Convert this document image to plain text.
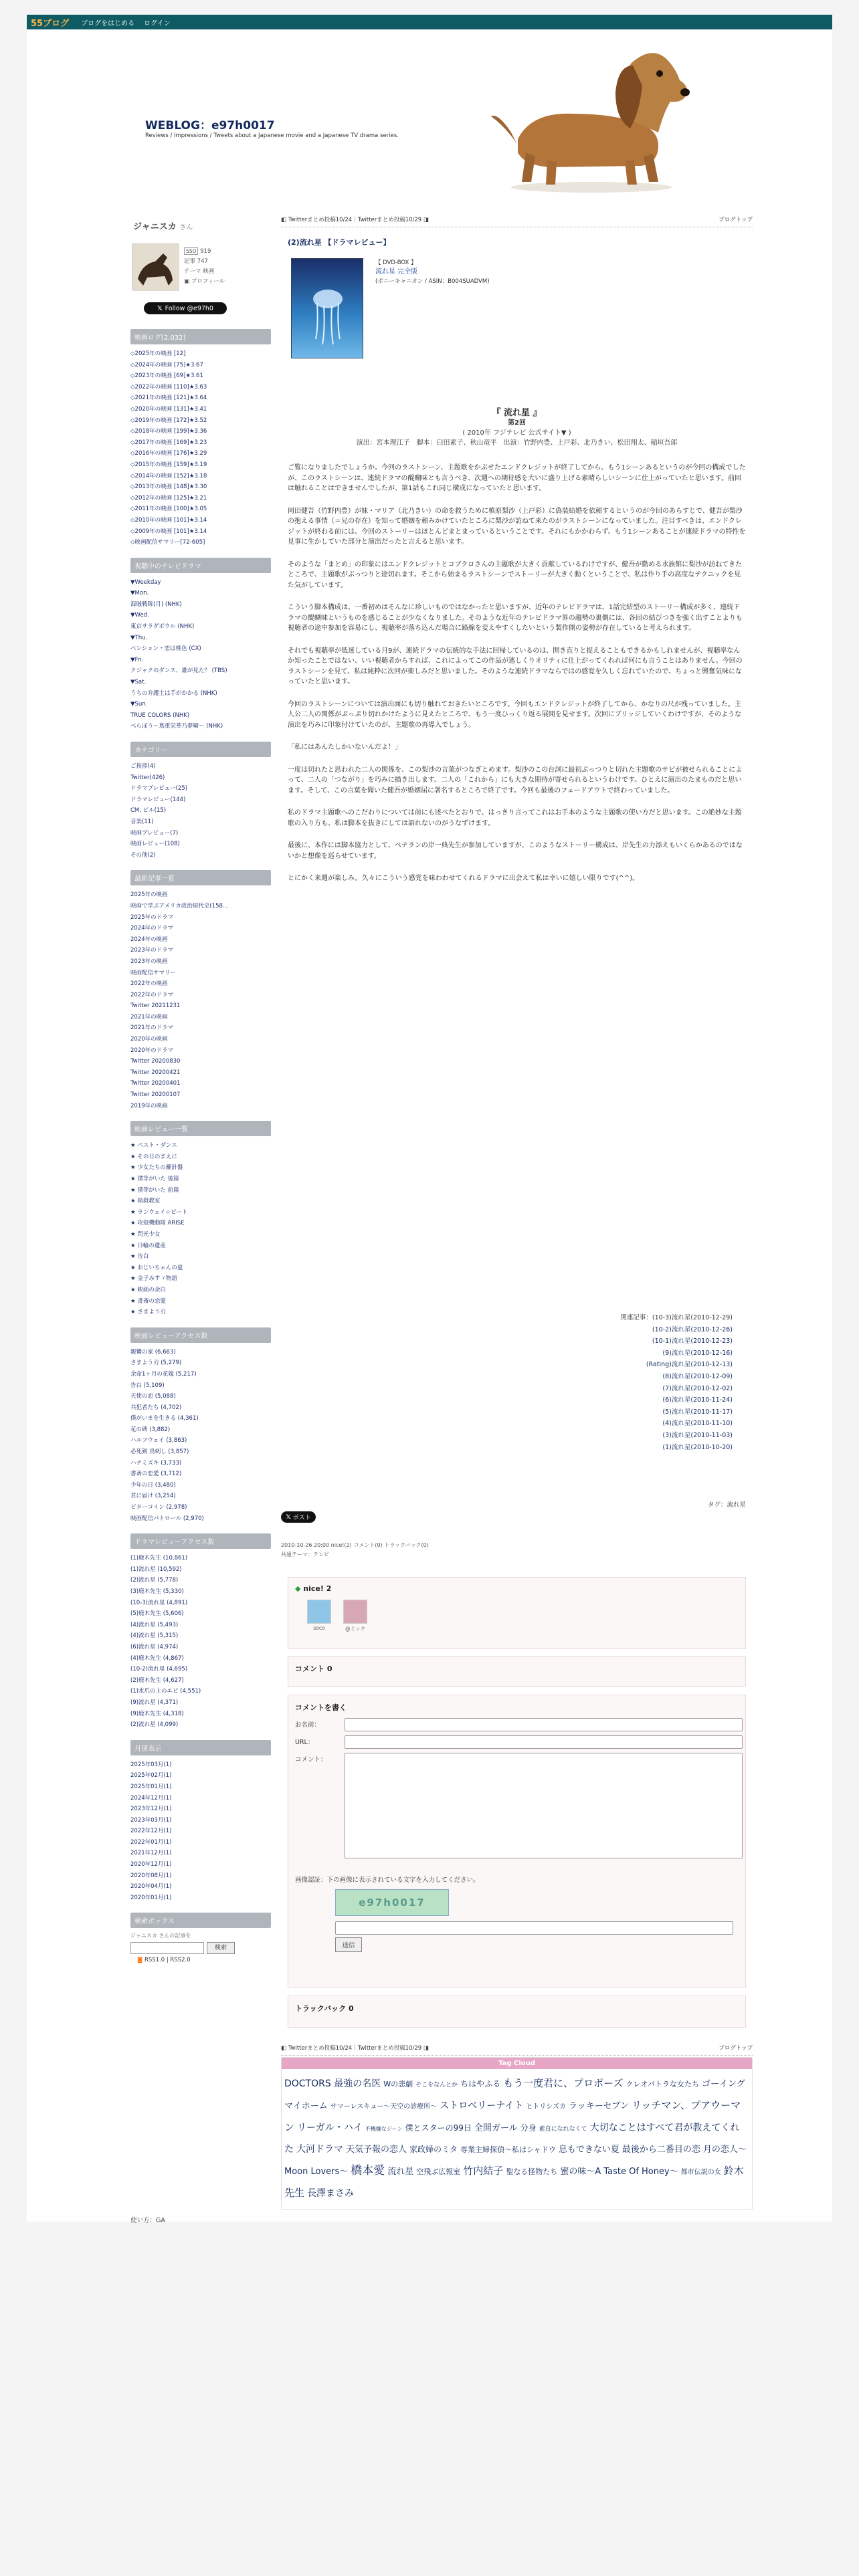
55ブログ ブログをはじめる ログイン
WEBLOG：e97h0017
Reviews / Impressions / Tweets about a Japanese movie and a Japanese TV drama series.
ジャニスカ さん
SSO 919
記事 747
テーマ 映画
▣ プロフィール
𝕏 Follow @e97h0
映画ログ[2,032]
◇2025年の映画 [12]
◇2024年の映画 [75]★3.67
◇2023年の映画 [69]★3.61
◇2022年の映画 [110]★3.63
◇2021年の映画 [121]★3.64
◇2020年の映画 [131]★3.41
◇2019年の映画 [172]★3.52
◇2018年の映画 [199]★3.36
◇2017年の映画 [169]★3.23
◇2016年の映画 [176]★3.29
◇2015年の映画 [159]★3.19
◇2014年の映画 [152]★3.18
◇2013年の映画 [148]★3.30
◇2012年の映画 [125]★3.21
◇2011年の映画 [100]★3.05
◇2010年の映画 [101]★3.14
◇2009年の映画 [101]★3.14
◇映画配信サマリー[72-605]
視聴中のテレビドラマ
▼Weekday
▼Mon.
海賊戦隊(月) (NHK)
▼Wed.
東京サラダボウル (NHK)
▼Thu.
ペンション・恋は桃色 (CX)
▼Fri.
クジャクのダンス、誰が見た？ (TBS)
▼Sat.
うちの弁護士は手がかかる (NHK)
▼Sun.
TRUE COLORS (NHK)
べらぼう〜蔦重栄華乃夢噺〜 (NHK)
カテゴリー
ご挨拶(4)
Twitter(426)
ドラマプレビュー(25)
ドラマレビュー(144)
CM, ビル(15)
音楽(11)
映画プレビュー(7)
映画レビュー(108)
その他(2)
最新記事一覧
2025年の映画
映画で学ぶアメリカ政治現代史(158...
2025年のドラマ
2024年のドラマ
2024年の映画
2023年のドラマ
2023年の映画
映画配信サマリー
2022年の映画
2022年のドラマ
Twitter 20211231
2021年の映画
2021年のドラマ
2020年の映画
2020年のドラマ
Twitter 20200830
Twitter 20200421
Twitter 20200401
Twitter 20200107
2019年の映画
映画レビュー一覧
★ ベスト・ダンス
★ その日のまえに
★ 少女たちの羅針盤
★ 僕等がいた 後篇
★ 僕等がいた 前篇
★ 暗殺教室
★ ランウェイ☆ビート
★ 攻殻機動隊 ARISE
★ 閃光少女
★ 日輪の遺産
★ 告白
★ おじいちゃんの夏
★ 金子みすゞ物語
★ 映画の余白
★ 書斎の恋愛
★ さまよう刃
映画レビューアクセス数
親鸞の家 (6,663)
さまよう刃 (5,279)
余命1ヶ月の花嫁 (5,217)
告白 (5,109)
天使の恋 (5,088)
共犯者たち (4,702)
僕がいまを生きる (4,361)
花の碑 (3,882)
ハルフウェイ (3,863)
必死剣 鳥刺し (3,857)
ハナミズキ (3,733)
書斎の恋愛 (3,712)
少年の日 (3,480)
君に届け (3,254)
ビターコイン (2,978)
映画配信パトロール (2,970)
ドラマレビューアクセス数
(1)鹿木先生 (10,861)
(1)流れ星 (10,592)
(2)流れ星 (5,778)
(3)鹿木先生 (5,330)
(10-3)流れ星 (4,891)
(5)鹿木先生 (5,606)
(4)流れ星 (5,493)
(4)流れ星 (5,315)
(6)流れ星 (4,974)
(4)鹿木先生 (4,867)
(10-2)流れ星 (4,695)
(2)鹿木先生 (4,627)
(1)水爪の上のエピ (4,551)
(9)流れ星 (4,371)
(9)鹿木先生 (4,318)
(2)流れ星 (4,099)
月別表示
2025年03月(1)
2025年02月(1)
2025年01月(1)
2024年12月(1)
2023年12月(1)
2023年03月(1)
2022年12月(1)
2022年01月(1)
2021年12月(1)
2020年12月(1)
2020年08月(1)
2020年04月(1)
2020年01月(1)
検索ボックス
ジャニスカ さんの記事を
検索
◙ RSS1.0 | RSS2.0
◧ Twitterまとめ投稿10/24｜Twitterまとめ投稿10/29 ◨	ブログトップ
(2)流れ星 【ドラマレビュー】
【 DVD-BOX 】
流れ星 完全版
(ポニーキャニオン / ASIN：B004SUADVM)
『 流れ星 』
第2回
( 2010年 フジテレビ 公式サイト▼ )
演出：宮本理江子　脚本：臼田素子、秋山竜平　出演：竹野内豊、上戸彩、北乃きい、松田翔太、稲垣吾郎
ご覧になりましたでしょうか。今回のラストシーン、主題歌をかぶせたエンドクレジットが終了してから、もう1シーンあるというのが今回の構成でしたが、このラストシーンは、連続ドラマの醍醐味とも言うべき、次週への期待感を大いに盛り上げる素晴らしいシーンに仕上がっていたと思います。前回は触れることはできませんでしたが、第1話もこれ同じ構成になっていたと思います。
岡田健吾（竹野内豊）が妹・マリア（北乃きい）の命を救うために槙原梨沙（上戸彩）に偽装結婚を依頼するというのが今回のあらすじで、健吾が梨沙の抱える事情（＝兄の存在）を知って婚姻を頼みかけていたところに梨沙が訪ねて来たのがラストシーンになっていました。注目すべきは、エンドクレジットが終わる前には、今回のストーリーはほとんどまとまっているということです。それにもかかわらず、もう1シーンあることが連続ドラマの特性を見事に生かしていた部分と演出だったと言えると思います。
そのような「まとめ」の印象にはエンドクレジットとコブクロさんの主題歌が大きく貢献しているわけですが、健吾が勤める水族館に梨沙が訪ねてきたところで、主題歌がぶっつりと途切れます。そこから始まるラストシーンでストーリーが大きく動くということで、私は作り手の高度なテクニックを見た気がしています。
こういう脚本構成は、一番初めはそんなに珍しいものではなかったと思いますが、近年のテレビドラマは、1話完結型のストーリー構成が多く、連続ドラマの醍醐味というものを感じることが少なくなりました。そのような近年のテレビドラマ界の趨勢の裏側には、各回の結びつきを強く出すことよりも視聴者の途中参加を容易にし、視聴率が落ち込んだ場合に路線を変えやすくしたいという製作側の姿勢が存在していると考えられます。
それでも視聴率が低迷している月9が、連続ドラマの伝統的な手法に回帰しているのは、開き直りと捉えることもできるかもしれませんが、視聴率なんか知ったことではない、いい視聴者からすれば、これによってこの作品が逃しくりオリティに仕上がってくれれば何にも言うことはありません。今回のラストシーンを見て、私は純粋に次回が楽しみだと思いました。そのような連続ドラマならではの感覚を久しく忘れていたので、ちょっと興奮気味になっていたと思います。
今回のラストシーンについては演出面にも切り触れておきたいところです。今回もエンドクレジットが終了してから、かなりの尺が残っていました。主人公二人の関係がぷっぷり切れかけたように見えたところで、もう一度ひっくり返る展開を見せます。次回にブリッジしていくわけですが、そのような演出を巧みに印象付けていたのが、主題歌の再導入でしょう。
「私にはあんたしかいないんだよ！」
一度は切れたと思われた二人の関係を、この梨沙の言葉がつなぎとめます。梨沙のこの台詞に最初ぶっつりと切れた主題歌のサビが被せられることによって、二人の「つながり」を巧みに描き出します。二人の「これから」にも大きな期待が寄せられるというわけです。ひとえに演出のたまものだと思います。そして、この言葉を聞いた健吾が婚姻届に署名するところで終了です。今回も最後のフェードアウトで終わっていました。
私のドラマ主題歌へのこだわりについては前にも述べたとおりで、はっきり言ってこれはお手本のような主題歌の使い方だと思います。この絶妙な主題歌の入り方も、私は脚本を抜きにしては語れないのがうなずけます。
最後に、本作には脚本協力として、ベテランの岸一典先生が参加していますが、このようなストーリー構成は、岸先生の力添えもいくらかあるのではないかと想像を巡らせています。
とにかく来週が楽しみ。久々にこういう感覚を味わわせてくれるドラマに出会えて私は幸いに嬉しい限りです(^^)。
関連記事：(10-3)流れ星(2010-12-29)
(10-2)流れ星(2010-12-26)
(10-1)流れ星(2010-12-23)
(9)流れ星(2010-12-16)
(Rating)流れ星(2010-12-13)
(8)流れ星(2010-12-09)
(7)流れ星(2010-12-02)
(6)流れ星(2010-11-24)
(5)流れ星(2010-11-17)
(4)流れ星(2010-11-10)
(3)流れ星(2010-11-03)
(1)流れ星(2010-10-20)
タグ：流れ星
𝕏 ポスト
2010-10-26 20:00 nice!(2) コメント(0) トラックバック(0)
共通テーマ：テレビ
◆ nice! 2
soco	@ミック
コメント 0
コメントを書く
お名前：
URL：
コメント：
画像認証：下の画像に表示されている文字を入力してください。
e97h0017
送信
トラックバック 0
◧ Twitterまとめ投稿10/24｜Twitterまとめ投稿10/29 ◨	ブログトップ
Tag Cloud
DOCTORS 最強の名医 Wの悲劇 そこをなんとか ちはやふる もう一度君に、プロポーズ クレオパトラな女たち ゴーイングマイホーム サマーレスキュー〜天空の診療所〜 ストロベリーナイト ヒトリシズカ ラッキーセブン リッチマン、プアウーマン リーガル・ハイ 不機嫌なジーン 僕とスターの99日 全開ガール 分身 素直になれなくて 大切なことはすべて君が教えてくれた 大河ドラマ 天気予報の恋人 家政婦のミタ 専業主婦探偵〜私はシャドウ 息もできない夏 最後から二番目の恋 月の恋人〜Moon Lovers〜 橋本愛 流れ星 空飛ぶ広報室 竹内結子 聖なる怪物たち 蜜の味〜A Taste Of Honey〜 都市伝説の女 鈴木先生 長澤まさみ
使い方：GA
